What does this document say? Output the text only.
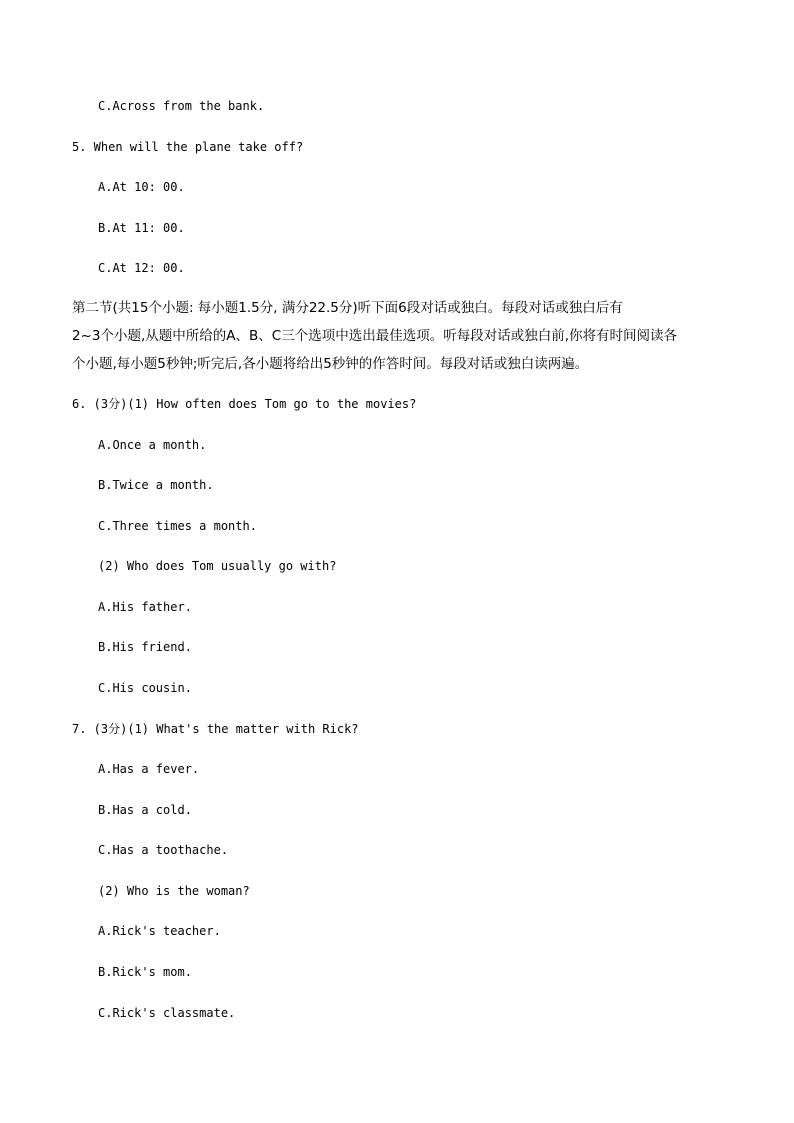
C.Across from the bank.
5. When will the plane take off?
A.At 10: 00.
B.At 11: 00.
C.At 12: 00.
第二节(共15个小题: 每小题1.5分, 满分22.5分)听下面6段对话或独白。每段对话或独白后有
2~3个小题,从题中所给的A、B、C三个选项中选出最佳选项。听每段对话或独白前,你将有时间阅读各
个小题,每小题5秒钟;听完后,各小题将给出5秒钟的作答时间。每段对话或独白读两遍。
6. (3分)(1) How often does Tom go to the movies?
A.Once a month.
B.Twice a month.
C.Three times a month.
(2) Who does Tom usually go with?
A.His father.
B.His friend.
C.His cousin.
7. (3分)(1) What's the matter with Rick?
A.Has a fever.
B.Has a cold.
C.Has a toothache.
(2) Who is the woman?
A.Rick's teacher.
B.Rick's mom.
C.Rick's classmate.
